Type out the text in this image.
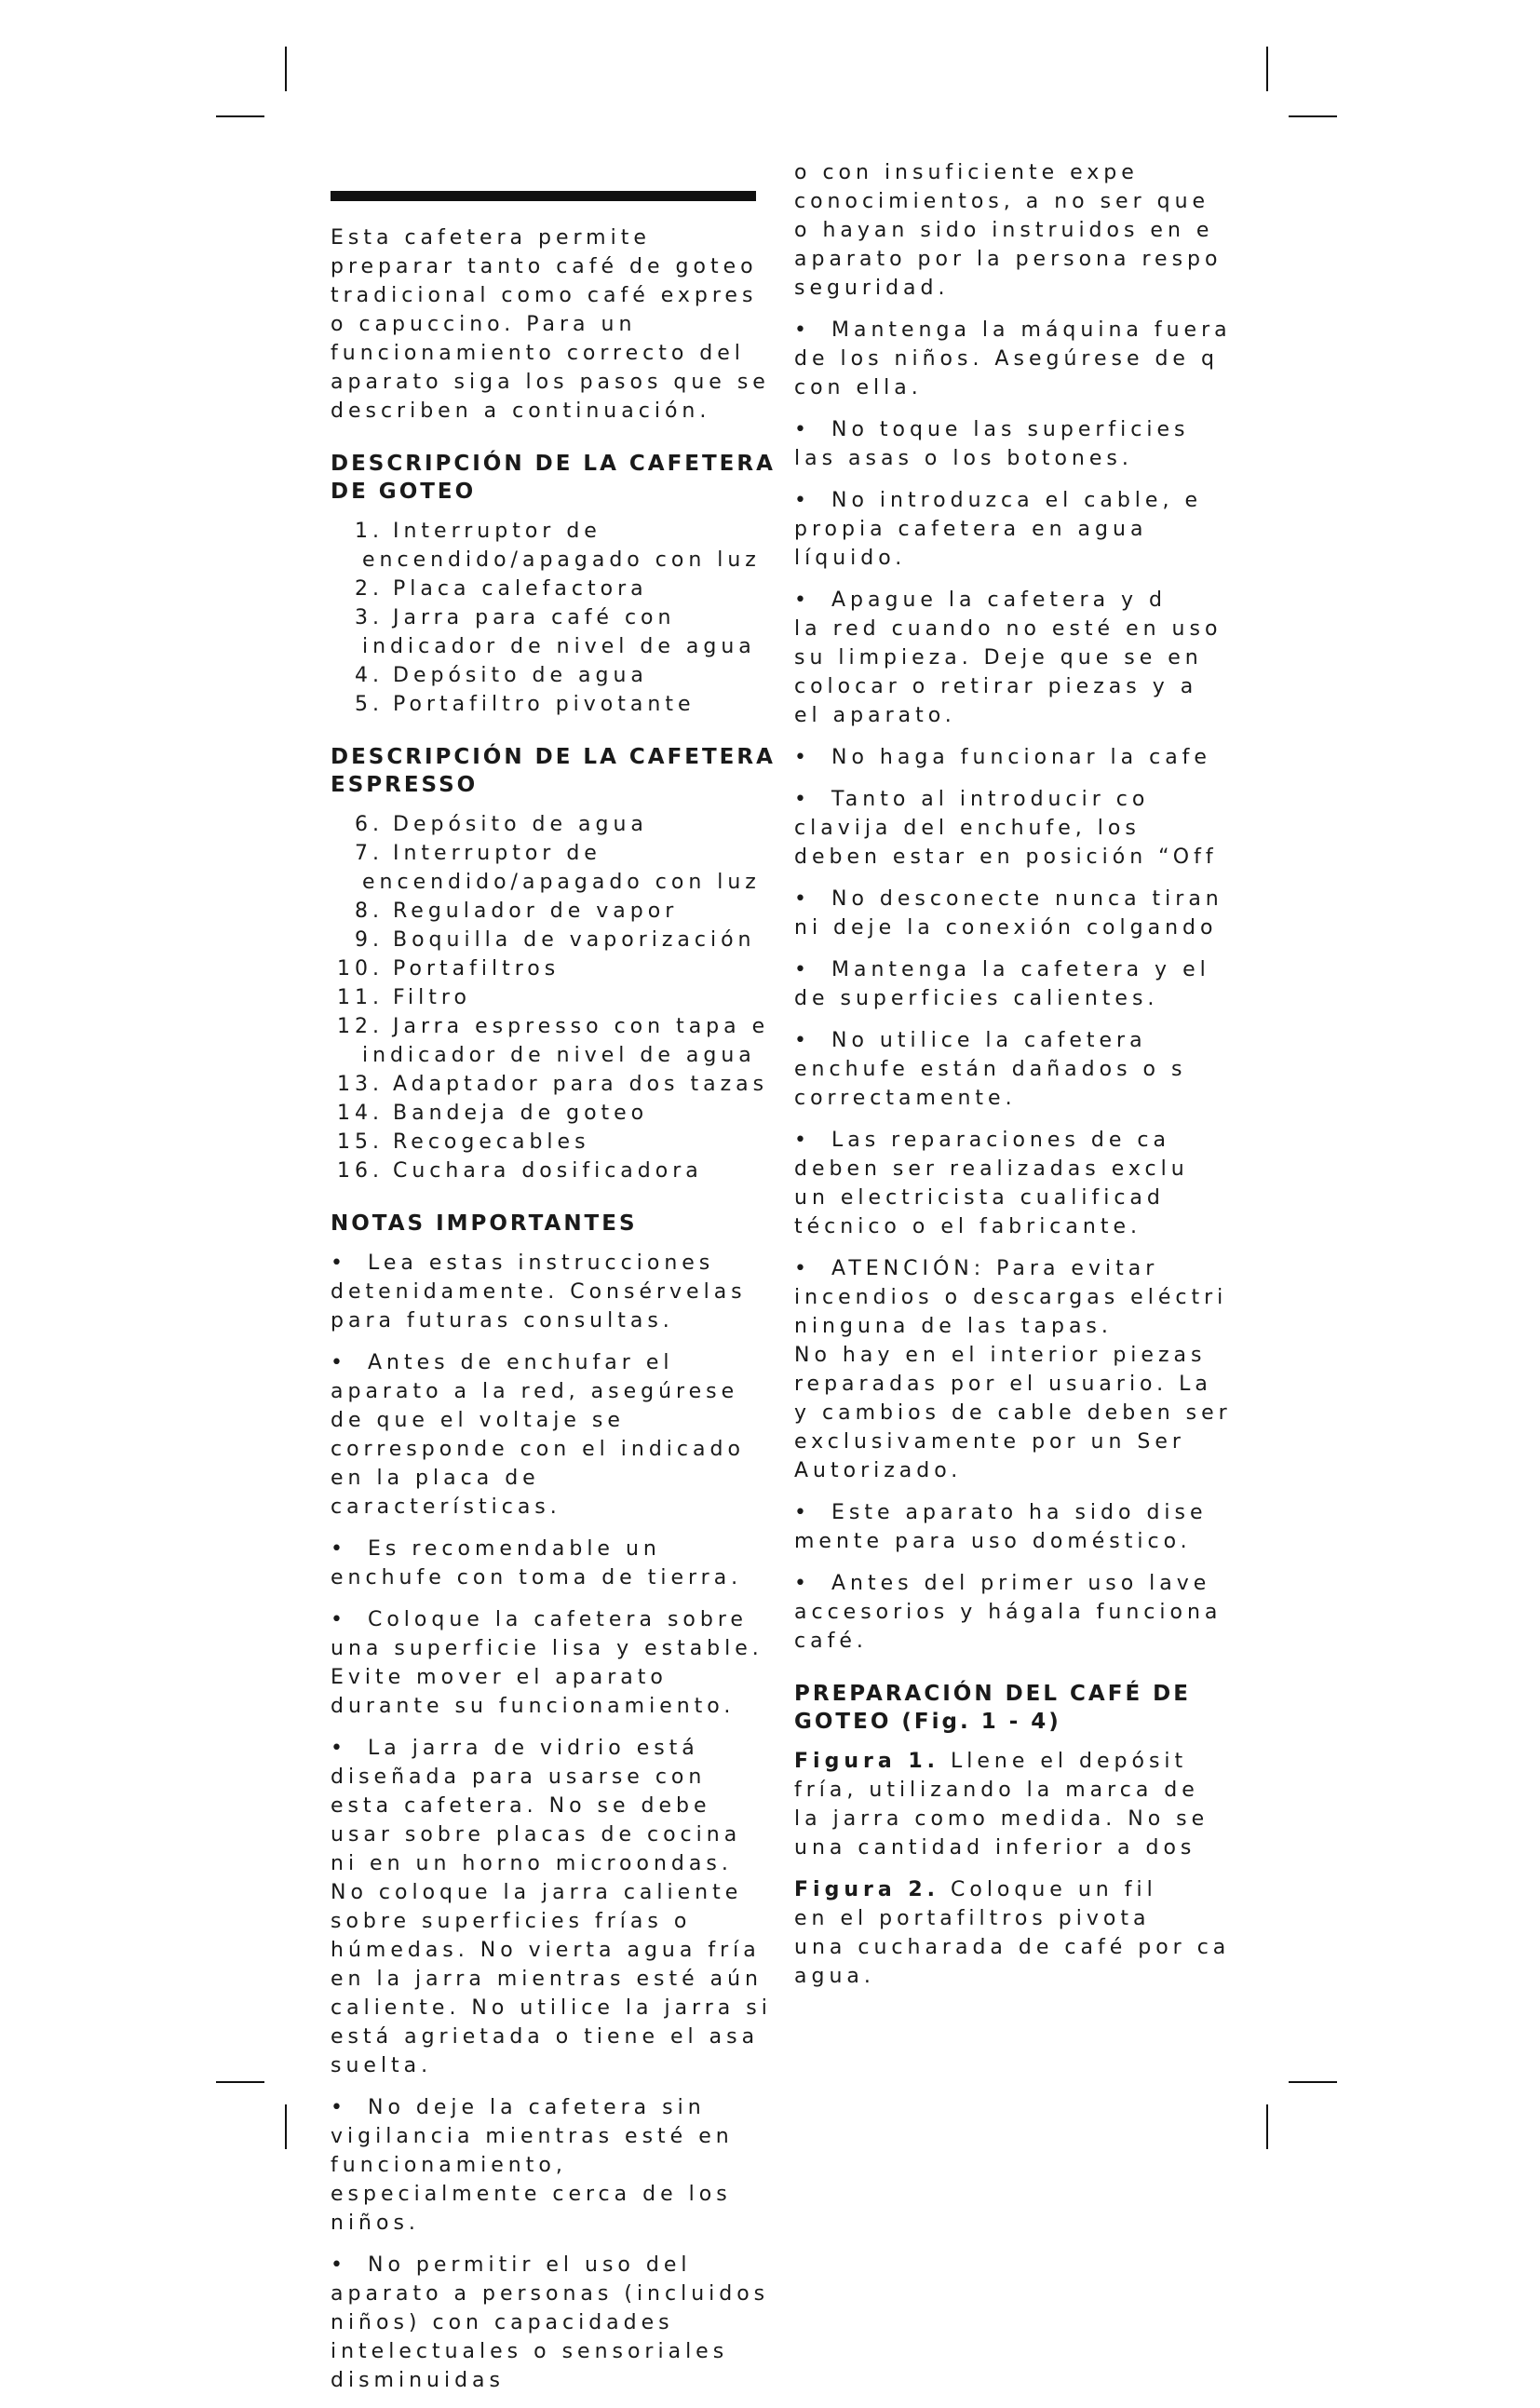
Esta cafetera permite preparar tanto café de goteo tradicional como café expres o capuccino. Para un funcionamiento correcto del aparato siga los pasos que se describen a continuación.

DESCRIPCIÓN DE LA CAFETERA DE GOTEO
1. Interruptor de encendido/apagado con luz
2. Placa calefactora
3. Jarra para café con indicador de nivel de agua
4. Depósito de agua
5. Portafiltro pivotante
DESCRIPCIÓN DE LA CAFETERA ESPRESSO
6. Depósito de agua
7. Interruptor de encendido/apagado con luz
8. Regulador de vapor
9. Boquilla de vaporización
10. Portafiltros
11. Filtro
12. Jarra espresso con tapa e indicador de nivel de agua
13. Adaptador para dos tazas
14. Bandeja de goteo
15. Recogecables
16. Cuchara dosificadora
NOTAS IMPORTANTES

• Lea estas instrucciones detenidamente. Consérvelas para futuras consultas.

• Antes de enchufar el aparato a la red, asegúrese de que el voltaje se corresponde con el indicado en la placa de características.

• Es recomendable un enchufe con toma de tierra.

• Coloque la cafetera sobre una superficie lisa y estable. Evite mover el aparato durante su funcionamiento.

• La jarra de vidrio está diseñada para usarse con esta cafetera. No se debe usar sobre placas de cocina ni en un horno microondas. No coloque la jarra caliente sobre superficies frías o húmedas. No vierta agua fría en la jarra mientras esté aún caliente. No utilice la jarra si está agrietada o tiene el asa suelta.

• No deje la cafetera sin vigilancia mientras esté en funcionamiento, especialmente cerca de los niños.

• No permitir el uso del aparato a personas (incluidos niños) con capacidades intelectuales o sensoriales disminuidas

o con insuficiente expe

conocimientos, a no ser que

o hayan sido instruidos en e

aparato por la persona respo

seguridad.

• Mantenga la máquina fuera

de los niños. Asegúrese de q

con ella.

• No toque las superficies

las asas o los botones.

• No introduzca el cable, e

propia cafetera en agua

líquido.

• Apague la cafetera y d

la red cuando no esté en uso

su limpieza. Deje que se en

colocar o retirar piezas y a

el aparato.

• No haga funcionar la cafe

• Tanto al introducir co

clavija del enchufe, los

deben estar en posición “Off

• No desconecte nunca tiran

ni deje la conexión colgando

• Mantenga la cafetera y el

de superficies calientes.

• No utilice la cafetera

enchufe están dañados o s

correctamente.

• Las reparaciones de ca

deben ser realizadas exclu

un electricista cualificad

técnico o el fabricante.

• ATENCIÓN: Para evitar

incendios o descargas eléctri

ninguna de las tapas.

No hay en el interior piezas

reparadas por el usuario. La

y cambios de cable deben ser

exclusivamente por un Ser

Autorizado.

• Este aparato ha sido dise

mente para uso doméstico.

• Antes del primer uso lave

accesorios y hágala funciona

café.

PREPARACIÓN DEL CAFÉ DE GOTEO (Fig. 1 - 4)

Figura 1. Llene el depósit

fría, utilizando la marca de

la jarra como medida. No se

una cantidad inferior a dos

Figura 2. Coloque un fil

en el portafiltros pivota

una cucharada de café por ca

agua.
